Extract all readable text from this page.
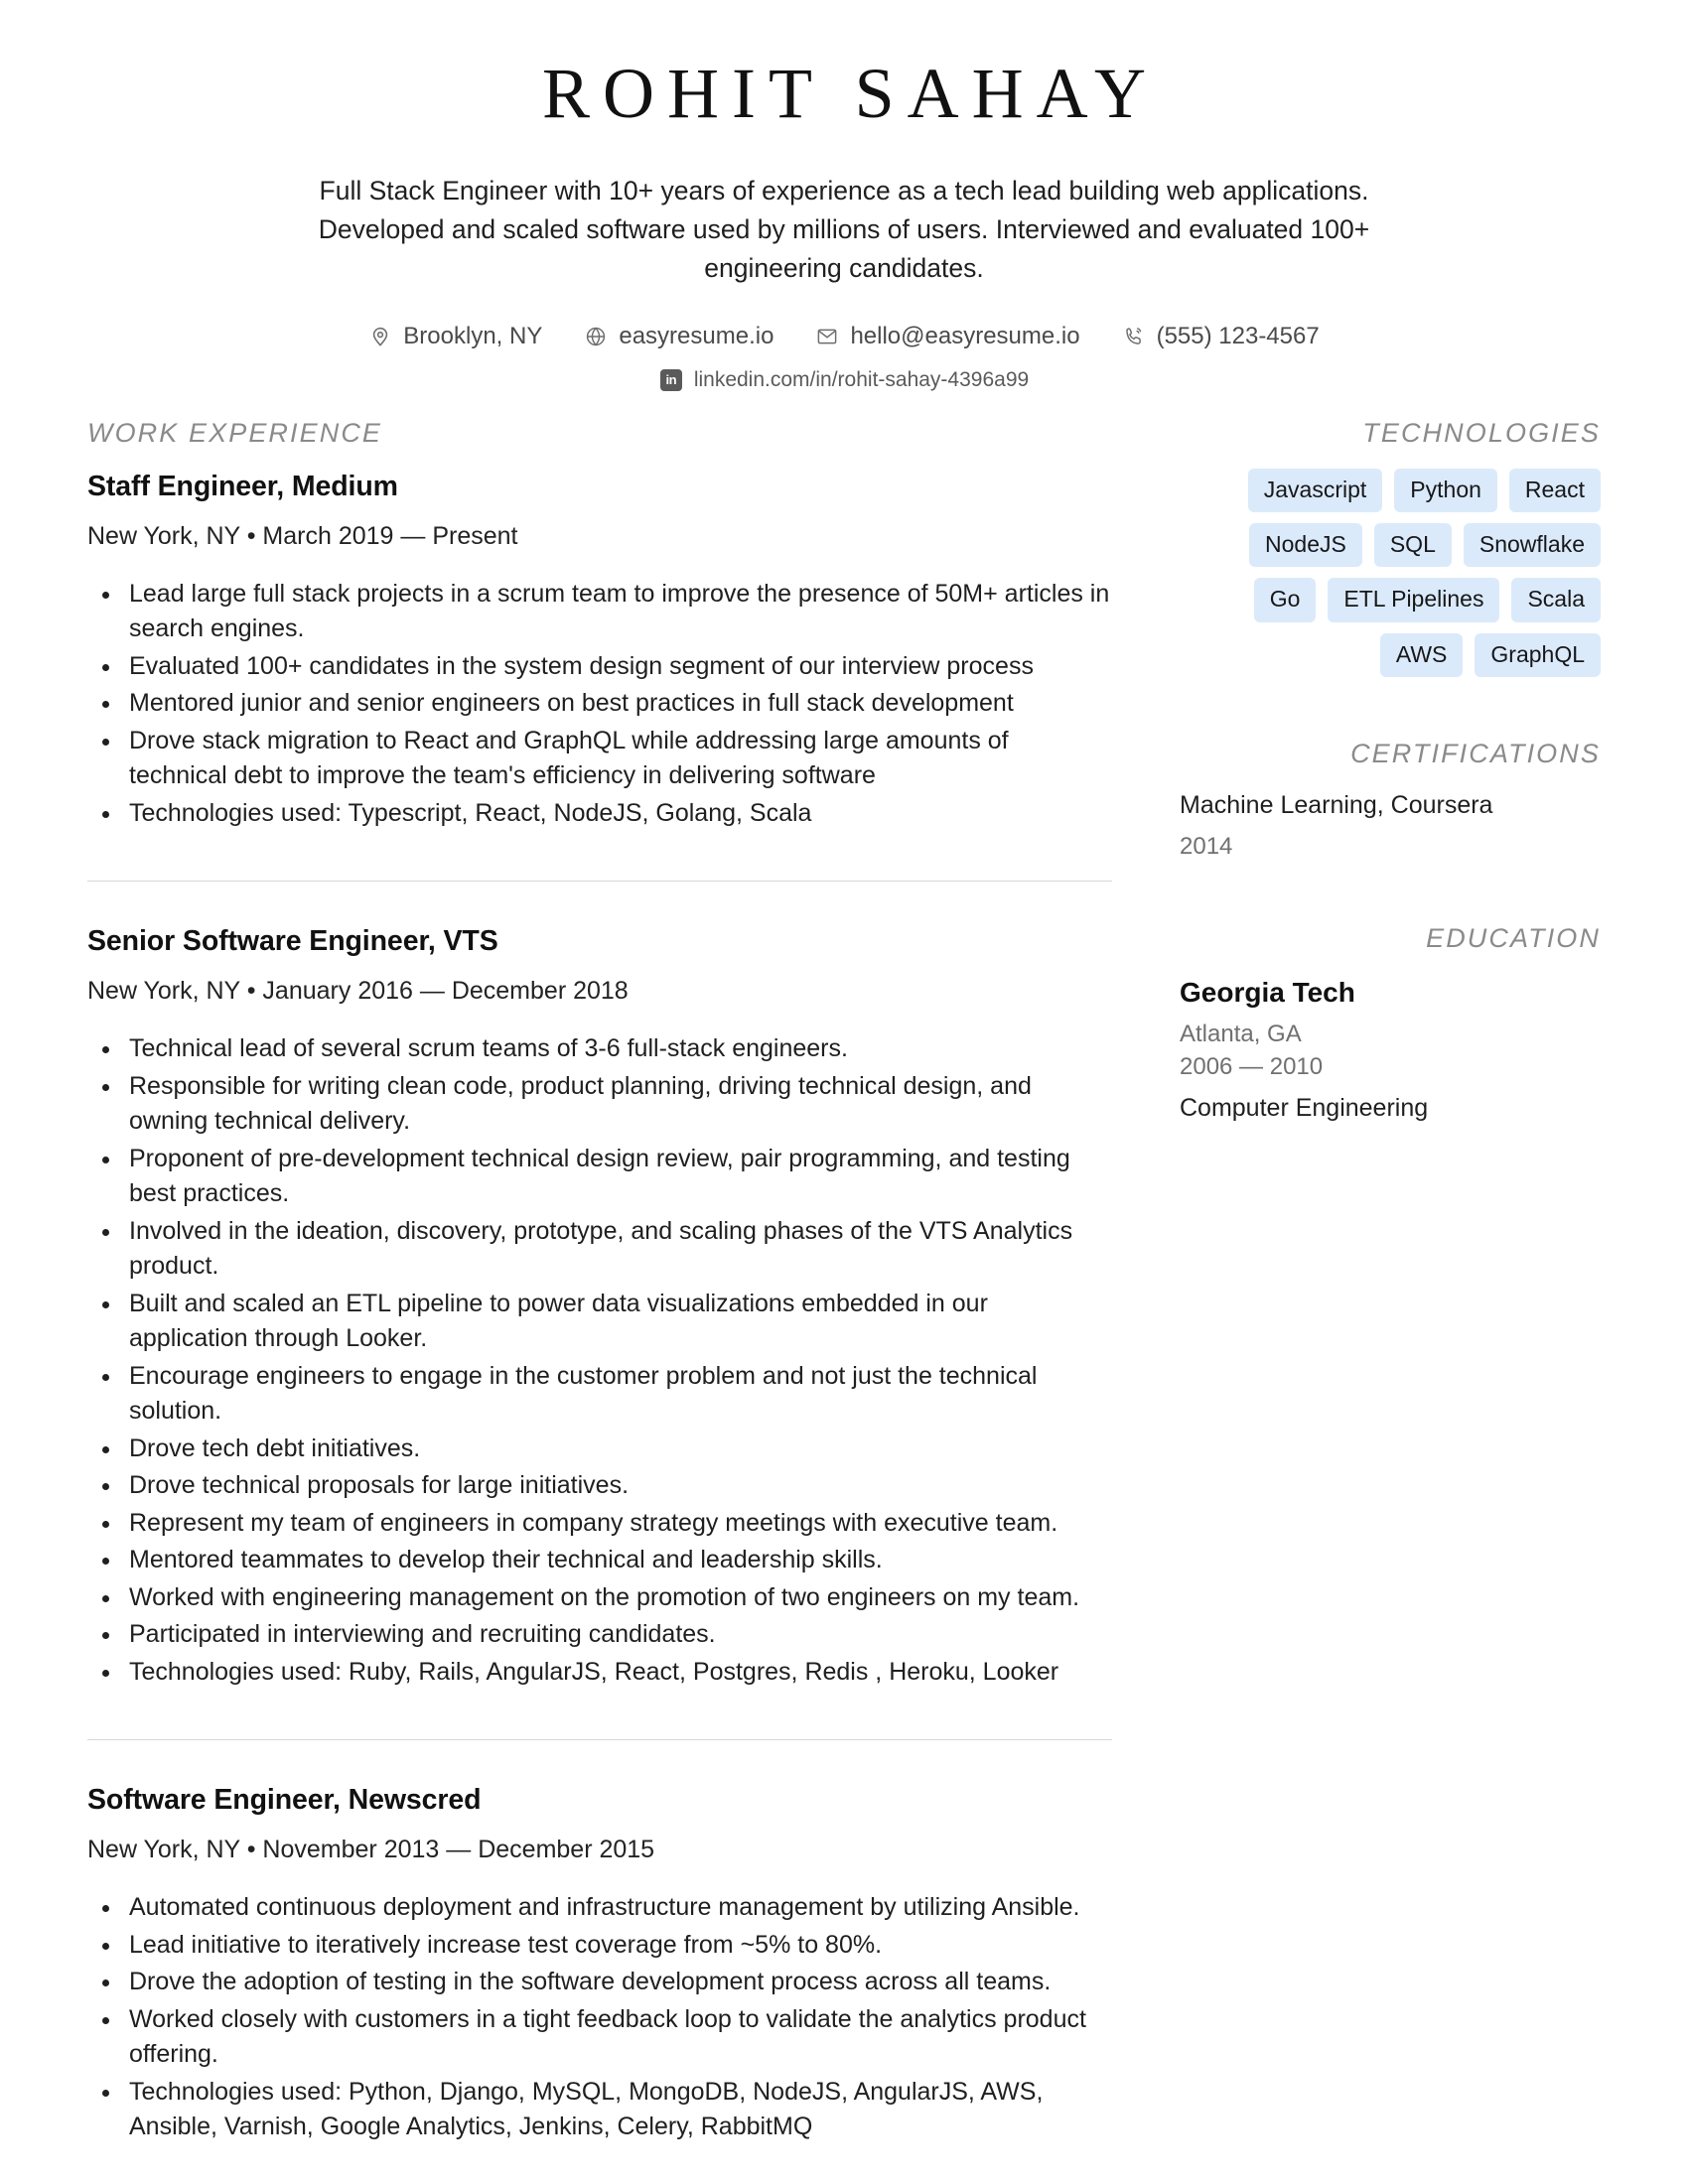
ROHIT SAHAY

Full Stack Engineer with 10+ years of experience as a tech lead building web applications. Developed and scaled software used by millions of users. Interviewed and evaluated 100+ engineering candidates.

Brooklyn, NY	easyresume.io	hello@easyresume.io	(555) 123-4567
in linkedin.com/in/rohit-sahay-4396a99
WORK EXPERIENCE
Staff Engineer, Medium
New York, NY • March 2019 — Present
Lead large full stack projects in a scrum team to improve the presence of 50M+ articles in search engines.
Evaluated 100+ candidates in the system design segment of our interview process
Mentored junior and senior engineers on best practices in full stack development
Drove stack migration to React and GraphQL while addressing large amounts of technical debt to improve the team's efficiency in delivering software
Technologies used: Typescript, React, NodeJS, Golang, Scala
Senior Software Engineer, VTS
New York, NY • January 2016 — December 2018
Technical lead of several scrum teams of 3-6 full-stack engineers.
Responsible for writing clean code, product planning, driving technical design, and owning technical delivery.
Proponent of pre-development technical design review, pair programming, and testing best practices.
Involved in the ideation, discovery, prototype, and scaling phases of the VTS Analytics product.
Built and scaled an ETL pipeline to power data visualizations embedded in our application through Looker.
Encourage engineers to engage in the customer problem and not just the technical solution.
Drove tech debt initiatives.
Drove technical proposals for large initiatives.
Represent my team of engineers in company strategy meetings with executive team.
Mentored teammates to develop their technical and leadership skills.
Worked with engineering management on the promotion of two engineers on my team.
Participated in interviewing and recruiting candidates.
Technologies used: Ruby, Rails, AngularJS, React, Postgres, Redis , Heroku, Looker
Software Engineer, Newscred
New York, NY • November 2013 — December 2015
Automated continuous deployment and infrastructure management by utilizing Ansible.
Lead initiative to iteratively increase test coverage from ~5% to 80%.
Drove the adoption of testing in the software development process across all teams.
Worked closely with customers in a tight feedback loop to validate the analytics product offering.
Technologies used: Python, Django, MySQL, MongoDB, NodeJS, AngularJS, AWS, Ansible, Varnish, Google Analytics, Jenkins, Celery, RabbitMQ
TECHNOLOGIES
Javascript	Python	React
NodeJS	SQL	Snowflake
Go	ETL Pipelines	Scala
AWS	GraphQL
CERTIFICATIONS
Machine Learning, Coursera
2014
EDUCATION
Georgia Tech
Atlanta, GA
2006 — 2010
Computer Engineering
